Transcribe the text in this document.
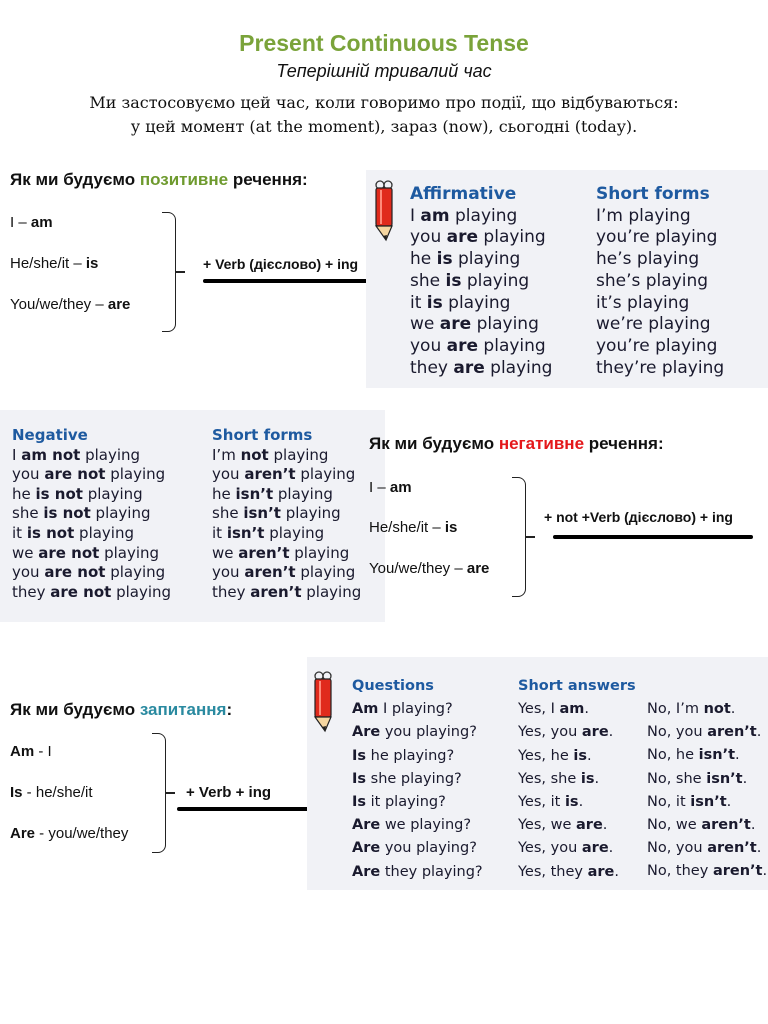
Present Continuous Tense
Теперішній тривалий час
Ми застосовуємо цей час, коли говоримо про події, що відбуваються:
у цей момент (at the moment), зараз (now), сьогодні (today).
Як ми будуємо позитивне речення:
I – am
He/she/it – is
You/we/they – are
+ Verb (дієслово) + ing
Affirmative
I am playing
you are playing
he is playing
she is playing
it is playing
we are playing
you are playing
they are playing
Short forms
I’m playing
you’re playing
he’s playing
she’s playing
it’s playing
we’re playing
you’re playing
they’re playing
Negative
I am not playing
you are not playing
he is not playing
she is not playing
it is not playing
we are not playing
you are not playing
they are not playing
Short forms
I’m not playing
you aren’t playing
he isn’t playing
she isn’t playing
it isn’t playing
we aren’t playing
you aren’t playing
they aren’t playing
Як ми будуємо негативне речення:
I – am
He/she/it – is
You/we/they – are
+ not +Verb (дієслово) + ing
Як ми будуємо запитання:
Am - I
Is - he/she/it
Are - you/we/they
+ Verb + ing
Questions
Am I playing?
Are you playing?
Is he playing?
Is she playing?
Is it playing?
Are we playing?
Are you playing?
Are they playing?
Short answers
Yes, I am.
Yes, you are.
Yes, he is.
Yes, she is.
Yes, it is.
Yes, we are.
Yes, you are.
Yes, they are.
No, I’m not.
No, you aren’t.
No, he isn’t.
No, she isn’t.
No, it isn’t.
No, we aren’t.
No, you aren’t.
No, they aren’t.
